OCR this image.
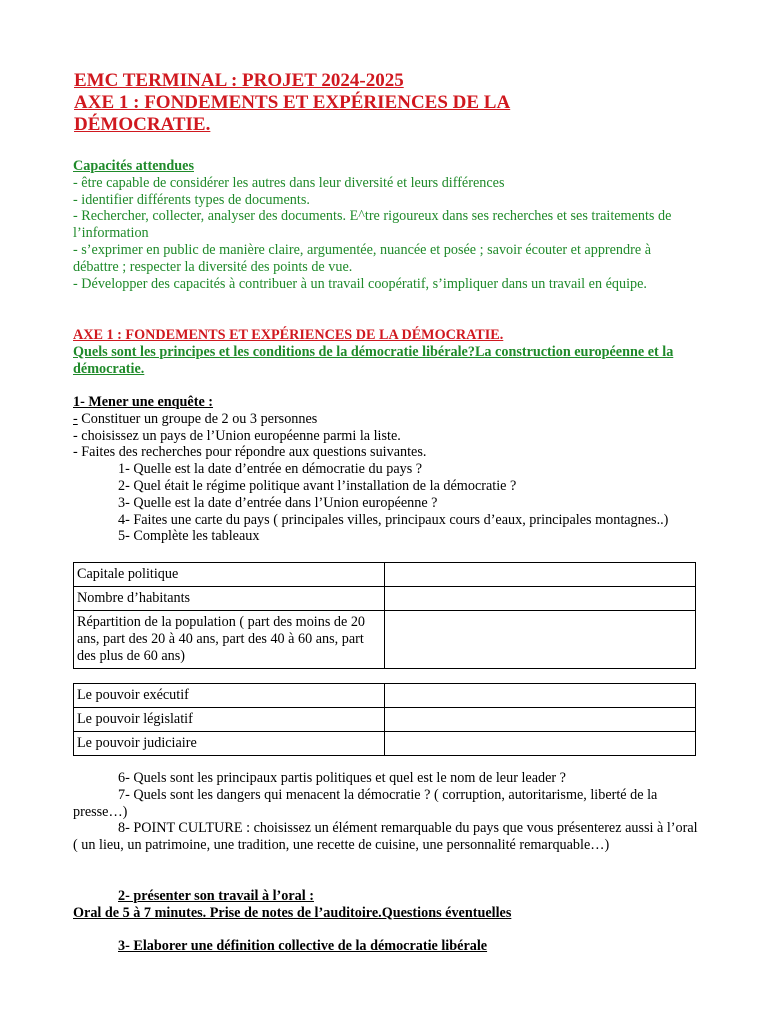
EMC TERMINAL : PROJET 2024-2025
AXE 1 : FONDEMENTS ET EXPÉRIENCES DE LA
DÉMOCRATIE.
Capacités attendues
- être capable de considérer les autres dans leur diversité et leurs différences
- identifier différents types de documents.
- Rechercher, collecter, analyser des documents. E^tre rigoureux dans ses recherches et ses traitements de l’information
- s’exprimer en public de manière claire, argumentée, nuancée et posée ; savoir écouter et apprendre à débattre ; respecter la diversité des points de vue.
- Développer des capacités à contribuer à un travail coopératif, s’impliquer dans un travail en équipe.
AXE 1 : FONDEMENTS ET EXPÉRIENCES DE LA DÉMOCRATIE.
Quels sont les principes et les conditions de la démocratie libérale?La construction européenne et la démocratie.
1- Mener une enquête :
- Constituer un groupe de 2 ou 3 personnes
- choisissez un pays de l’Union européenne parmi la liste.
- Faites des recherches pour répondre aux questions suivantes.
1- Quelle est la date d’entrée en démocratie du pays ?
2- Quel était le régime politique avant l’installation de la démocratie ?
3- Quelle est la date d’entrée dans l’Union européenne ?
4- Faites une carte du pays ( principales villes, principaux cours d’eaux, principales montagnes..)
5- Complète les tableaux
Capitale politique	
Nombre d’habitants	
Répartition de la population ( part des moins de 20 ans, part des 20 à 40 ans, part des 40 à 60 ans, part des plus de 60 ans)	
Le pouvoir exécutif	
Le pouvoir législatif	
Le pouvoir judiciaire	
6- Quels sont les principaux partis politiques et quel est le nom de leur leader ?
7- Quels sont les dangers qui menacent la démocratie ? ( corruption, autoritarisme, liberté de la presse…)
8- POINT CULTURE : choisissez un élément remarquable du pays que vous présenterez aussi à l’oral ( un lieu, un patrimoine, une tradition, une recette de cuisine, une personnalité remarquable…)
2- présenter son travail à l’oral :
Oral de 5 à 7 minutes. Prise de notes de l’auditoire.Questions éventuelles
3- Elaborer une définition collective de la démocratie libérale
